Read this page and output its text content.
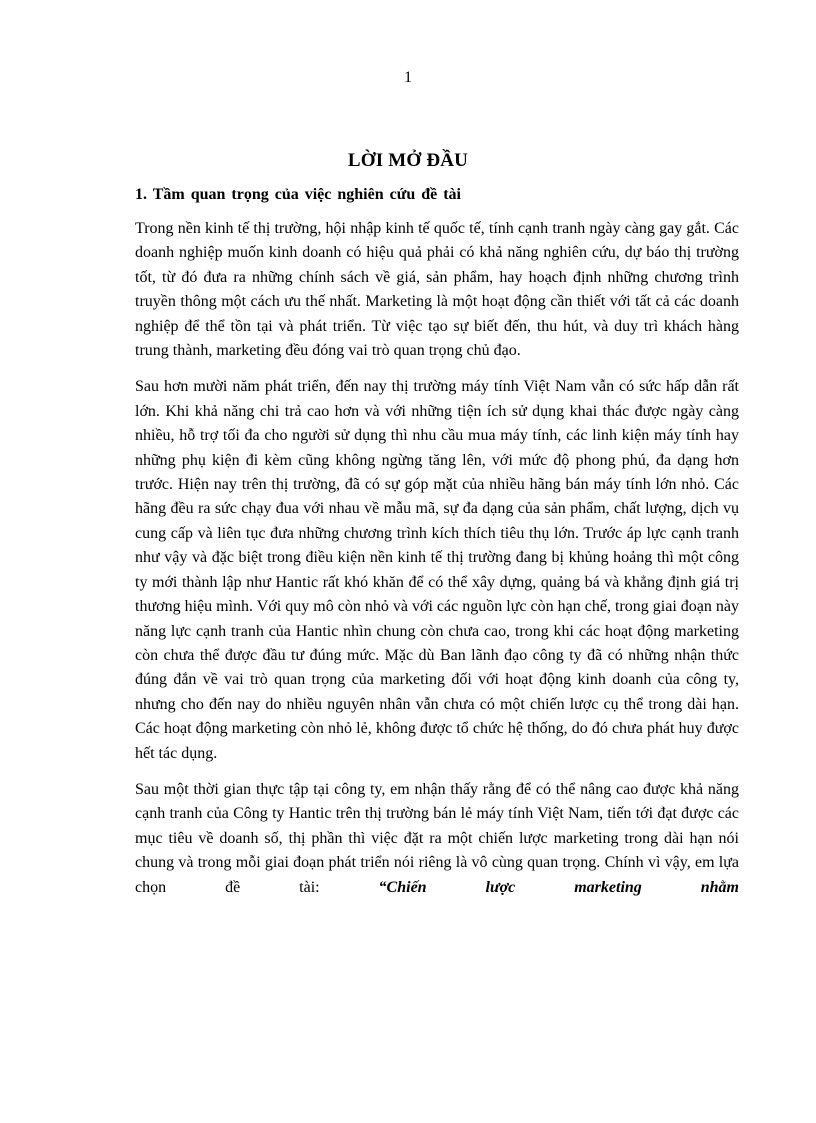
1
LỜI MỞ ĐẦU
1. Tầm quan trọng của việc nghiên cứu đề tài

Trong nền kinh tế thị trường, hội nhập kinh tế quốc tế, tính cạnh tranh ngày càng gay gắt. Các doanh nghiệp muốn kinh doanh có hiệu quả phải có khả năng nghiên cứu, dự báo thị trường tốt, từ đó đưa ra những chính sách về giá, sản phẩm, hay hoạch định những chương trình truyền thông một cách ưu thế nhất. Marketing là một hoạt động cần thiết với tất cả các doanh nghiệp để thể tồn tại và phát triển. Từ việc tạo sự biết đến, thu hút, và duy trì khách hàng trung thành, marketing đều đóng vai trò quan trọng chủ đạo.

Sau hơn mười năm phát triển, đến nay thị trường máy tính Việt Nam vẫn có sức hấp dẫn rất lớn. Khi khả năng chi trả cao hơn và với những tiện ích sử dụng khai thác được ngày càng nhiều, hỗ trợ tối đa cho người sử dụng thì nhu cầu mua máy tính, các linh kiện máy tính hay những phụ kiện đi kèm cũng không ngừng tăng lên, với mức độ phong phú, đa dạng hơn trước. Hiện nay trên thị trường, đã có sự góp mặt của nhiều hãng bán máy tính lớn nhỏ. Các hãng đều ra sức chạy đua với nhau về mẫu mã, sự đa dạng của sản phẩm, chất lượng, dịch vụ cung cấp và liên tục đưa những chương trình kích thích tiêu thụ lớn. Trước áp lực cạnh tranh như vậy và đặc biệt trong điều kiện nền kinh tế thị trường đang bị khủng hoảng thì một công ty mới thành lập như Hantic rất khó khăn để có thể xây dựng, quảng bá và khẳng định giá trị thương hiệu mình. Với quy mô còn nhỏ và với các nguồn lực còn hạn chế, trong giai đoạn này năng lực cạnh tranh của Hantic nhìn chung còn chưa cao, trong khi các hoạt động marketing còn chưa thể được đầu tư đúng mức. Mặc dù Ban lãnh đạo công ty đã có những nhận thức đúng đắn về vai trò quan trọng của marketing đối với hoạt động kinh doanh của công ty, nhưng cho đến nay do nhiều nguyên nhân vẫn chưa có một chiến lược cụ thể trong dài hạn. Các hoạt động marketing còn nhỏ lẻ, không được tổ chức hệ thống, do đó chưa phát huy được hết tác dụng.

Sau một thời gian thực tập tại công ty, em nhận thấy rằng để có thể nâng cao được khả năng cạnh tranh của Công ty Hantic trên thị trường bán lẻ máy tính Việt Nam, tiến tới đạt được các mục tiêu về doanh số, thị phần thì việc đặt ra một chiến lược marketing trong dài hạn nói chung và trong mỗi giai đoạn phát triển nói riêng là vô cùng quan trọng. Chính vì vậy, em lựa chọn đề tài: “Chiến lược marketing nhằm
